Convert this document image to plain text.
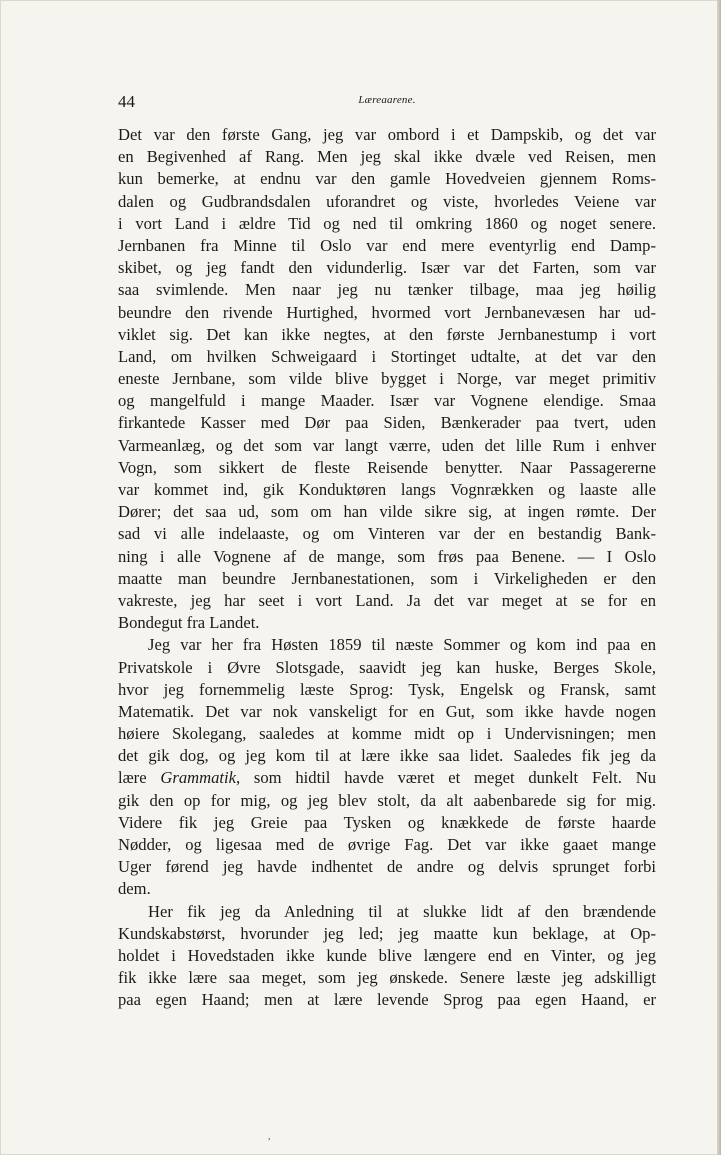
44	Læreaarene.
Det var den første Gang, jeg var ombord i et Dampskib, og det var
en Begivenhed af Rang. Men jeg skal ikke dvæle ved Reisen, men
kun bemerke, at endnu var den gamle Hovedveien gjennem Roms-
dalen og Gudbrandsdalen uforandret og viste, hvorledes Veiene var
i vort Land i ældre Tid og ned til omkring 1860 og noget senere.
Jernbanen fra Minne til Oslo var end mere eventyrlig end Damp-
skibet, og jeg fandt den vidunderlig. Især var det Farten, som var
saa svimlende. Men naar jeg nu tænker tilbage, maa jeg høilig
beundre den rivende Hurtighed, hvormed vort Jernbanevæsen har ud-
viklet sig. Det kan ikke negtes, at den første Jernbanestump i vort
Land, om hvilken Schweigaard i Stortinget udtalte, at det var den
eneste Jernbane, som vilde blive bygget i Norge, var meget primitiv
og mangelfuld i mange Maader. Især var Vognene elendige. Smaa
firkantede Kasser med Dør paa Siden, Bænkerader paa tvert, uden
Varmeanlæg, og det som var langt værre, uden det lille Rum i enhver
Vogn, som sikkert de fleste Reisende benytter. Naar Passagererne
var kommet ind, gik Konduktøren langs Vognrækken og laaste alle
Dører; det saa ud, som om han vilde sikre sig, at ingen rømte. Der
sad vi alle indelaaste, og om Vinteren var der en bestandig Bank-
ning i alle Vognene af de mange, som frøs paa Benene. — I Oslo
maatte man beundre Jernbanestationen, som i Virkeligheden er den
vakreste, jeg har seet i vort Land. Ja det var meget at se for en
Bondegut fra Landet.
Jeg var her fra Høsten 1859 til næste Sommer og kom ind paa en
Privatskole i Øvre Slotsgade, saavidt jeg kan huske, Berges Skole,
hvor jeg fornemmelig læste Sprog: Tysk, Engelsk og Fransk, samt
Matematik. Det var nok vanskeligt for en Gut, som ikke havde nogen
høiere Skolegang, saaledes at komme midt op i Undervisningen; men
det gik dog, og jeg kom til at lære ikke saa lidet. Saaledes fik jeg da
lære Grammatik, som hidtil havde været et meget dunkelt Felt. Nu
gik den op for mig, og jeg blev stolt, da alt aabenbarede sig for mig.
Videre fik jeg Greie paa Tysken og knækkede de første haarde
Nødder, og ligesaa med de øvrige Fag. Det var ikke gaaet mange
Uger førend jeg havde indhentet de andre og delvis sprunget forbi
dem.
Her fik jeg da Anledning til at slukke lidt af den brændende
Kundskabstørst, hvorunder jeg led; jeg maatte kun beklage, at Op-
holdet i Hovedstaden ikke kunde blive længere end en Vinter, og jeg
fik ikke lære saa meget, som jeg ønskede. Senere læste jeg adskilligt
paa egen Haand; men at lære levende Sprog paa egen Haand, er
,
